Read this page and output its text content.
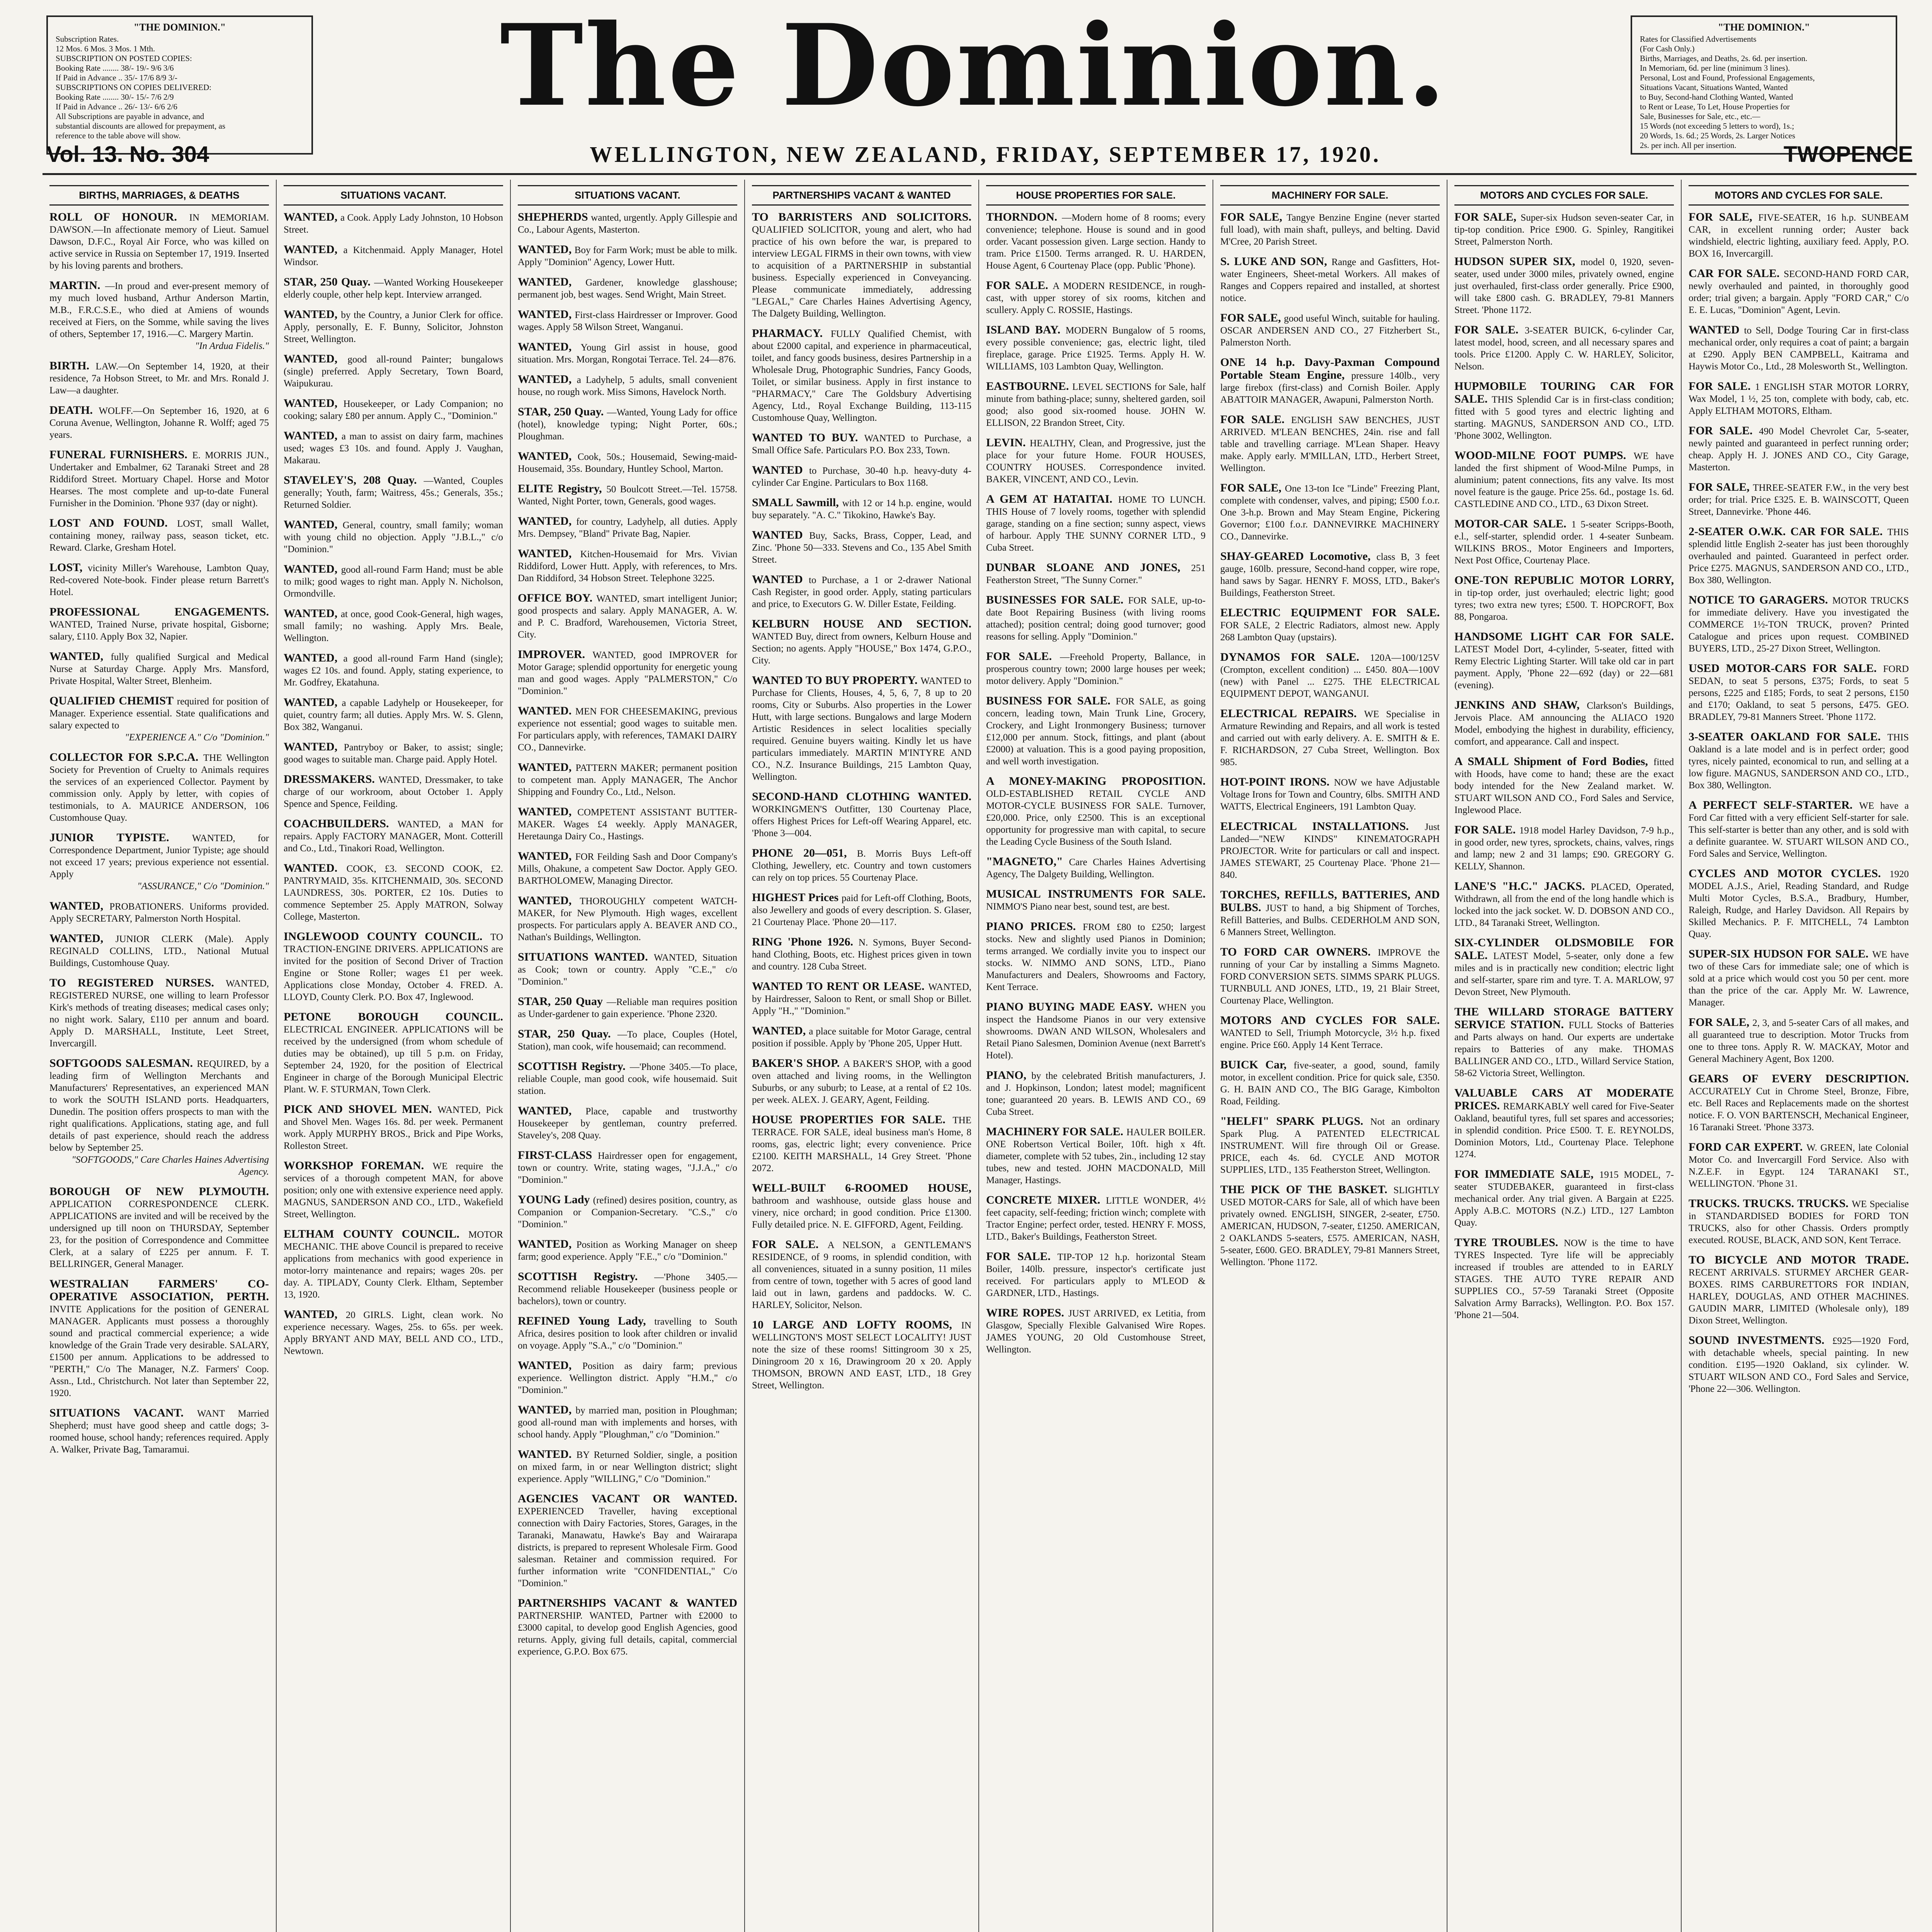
"THE DOMINION."
Subscription Rates.
12 Mos. 6 Mos. 3 Mos. 1 Mth.
SUBSCRIPTION ON POSTED COPIES:
Booking Rate ........ 38/- 19/- 9/6 3/6
If Paid in Advance .. 35/- 17/6 8/9 3/-
SUBSCRIPTIONS ON COPIES DELIVERED:
Booking Rate ........ 30/- 15/- 7/6 2/9
If Paid in Advance .. 26/- 13/- 6/6 2/6
All Subscriptions are payable in advance, and
substantial discounts are allowed for prepayment, as
reference to the table above will show.
The Dominion.	"THE DOMINION."
Rates for Classified Advertisements
(For Cash Only.)
Births, Marriages, and Deaths, 2s. 6d. per insertion.
In Memoriam, 6d. per line (minimum 3 lines).
Personal, Lost and Found, Professional Engagements,
Situations Vacant, Situations Wanted, Wanted
to Buy, Second-hand Clothing Wanted, Wanted
to Rent or Lease, To Let, House Properties for
Sale, Businesses for Sale, etc., etc.—
15 Words (not exceeding 5 letters to word), 1s.;
20 Words, 1s. 6d.; 25 Words, 2s. Larger Notices
2s. per inch. All per insertion.
Vol. 13. No. 304	WELLINGTON, NEW ZEALAND, FRIDAY, SEPTEMBER 17, 1920.	TWOPENCE
BIRTHS, MARRIAGES, & DEATHS

ROLL OF HONOUR. IN MEMORIAM. DAWSON.—In affectionate memory of Lieut. Samuel Dawson, D.F.C., Royal Air Force, who was killed on active service in Russia on September 17, 1919. Inserted by his loving parents and brothers.

MARTIN. —In proud and ever-present memory of my much loved husband, Arthur Anderson Martin, M.B., F.R.C.S.E., who died at Amiens of wounds received at Fiers, on the Somme, while saving the lives of others, September 17, 1916.—C. Margery Martin.
"In Ardua Fidelis."

BIRTH. LAW.—On September 14, 1920, at their residence, 7a Hobson Street, to Mr. and Mrs. Ronald J. Law—a daughter.

DEATH. WOLFF.—On September 16, 1920, at 6 Coruna Avenue, Wellington, Johanne R. Wolff; aged 75 years.

FUNERAL FURNISHERS. E. MORRIS JUN., Undertaker and Embalmer, 62 Taranaki Street and 28 Riddiford Street. Mortuary Chapel. Horse and Motor Hearses. The most complete and up-to-date Funeral Furnisher in the Dominion. 'Phone 937 (day or night).

LOST AND FOUND. LOST, small Wallet, containing money, railway pass, season ticket, etc. Reward. Clarke, Gresham Hotel.

LOST, vicinity Miller's Warehouse, Lambton Quay, Red-covered Note-book. Finder please return Barrett's Hotel.

PROFESSIONAL ENGAGEMENTS. WANTED, Trained Nurse, private hospital, Gisborne; salary, £110. Apply Box 32, Napier.

WANTED, fully qualified Surgical and Medical Nurse at Saturday Charge. Apply Mrs. Mansford, Private Hospital, Walter Street, Blenheim.

QUALIFIED CHEMIST required for position of Manager. Experience essential. State qualifications and salary expected to
"EXPERIENCE A." C/o "Dominion."

COLLECTOR FOR S.P.C.A. THE Wellington Society for Prevention of Cruelty to Animals requires the services of an experienced Collector. Payment by commission only. Apply by letter, with copies of testimonials, to A. MAURICE ANDERSON, 106 Customhouse Quay.

JUNIOR TYPISTE. WANTED, for Correspondence Department, Junior Typiste; age should not exceed 17 years; previous experience not essential. Apply
"ASSURANCE," C/o "Dominion."

WANTED, PROBATIONERS. Uniforms provided. Apply SECRETARY, Palmerston North Hospital.

WANTED, JUNIOR CLERK (Male). Apply REGINALD COLLINS, LTD., National Mutual Buildings, Customhouse Quay.

TO REGISTERED NURSES. WANTED, REGISTERED NURSE, one willing to learn Professor Kirk's methods of treating diseases; medical cases only; no night work. Salary, £110 per annum and board. Apply D. MARSHALL, Institute, Leet Street, Invercargill.

SOFTGOODS SALESMAN. REQUIRED, by a leading firm of Wellington Merchants and Manufacturers' Representatives, an experienced MAN to work the SOUTH ISLAND ports. Headquarters, Dunedin. The position offers prospects to man with the right qualifications. Applications, stating age, and full details of past experience, should reach the address below by September 25.
"SOFTGOODS," Care Charles Haines Advertising Agency.

BOROUGH OF NEW PLYMOUTH. APPLICATION CORRESPONDENCE CLERK. APPLICATIONS are invited and will be received by the undersigned up till noon on THURSDAY, September 23, for the position of Correspondence and Committee Clerk, at a salary of £225 per annum. F. T. BELLRINGER, General Manager.

WESTRALIAN FARMERS' CO-OPERATIVE ASSOCIATION, PERTH. INVITE Applications for the position of GENERAL MANAGER. Applicants must possess a thoroughly sound and practical commercial experience; a wide knowledge of the Grain Trade very desirable. SALARY, £1500 per annum. Applications to be addressed to "PERTH," C/o The Manager, N.Z. Farmers' Coop. Assn., Ltd., Christchurch. Not later than September 22, 1920.

SITUATIONS VACANT. WANT Married Shepherd; must have good sheep and cattle dogs; 3-roomed house, school handy; references required. Apply A. Walker, Private Bag, Tamaramui.

SITUATIONS VACANT.

WANTED, a Cook. Apply Lady Johnston, 10 Hobson Street.

WANTED, a Kitchenmaid. Apply Manager, Hotel Windsor.

STAR, 250 Quay. —Wanted Working Housekeeper elderly couple, other help kept. Interview arranged.

WANTED, by the Country, a Junior Clerk for office. Apply, personally, E. F. Bunny, Solicitor, Johnston Street, Wellington.

WANTED, good all-round Painter; bungalows (single) preferred. Apply Secretary, Town Board, Waipukurau.

WANTED, Housekeeper, or Lady Companion; no cooking; salary £80 per annum. Apply C., "Dominion."

WANTED, a man to assist on dairy farm, machines used; wages £3 10s. and found. Apply J. Vaughan, Makarau.

STAVELEY'S, 208 Quay. —Wanted, Couples generally; Youth, farm; Waitress, 45s.; Generals, 35s.; Returned Soldier.

WANTED, General, country, small family; woman with young child no objection. Apply "J.B.L.," c/o "Dominion."

WANTED, good all-round Farm Hand; must be able to milk; good wages to right man. Apply N. Nicholson, Ormondville.

WANTED, at once, good Cook-General, high wages, small family; no washing. Apply Mrs. Beale, Wellington.

WANTED, a good all-round Farm Hand (single); wages £2 10s. and found. Apply, stating experience, to Mr. Godfrey, Ekatahuna.

WANTED, a capable Ladyhelp or Housekeeper, for quiet, country farm; all duties. Apply Mrs. W. S. Glenn, Box 382, Wanganui.

WANTED, Pantryboy or Baker, to assist; single; good wages to suitable man. Charge paid. Apply Hotel.

DRESSMAKERS. WANTED, Dressmaker, to take charge of our workroom, about October 1. Apply Spence and Spence, Feilding.

COACHBUILDERS. WANTED, a MAN for repairs. Apply FACTORY MANAGER, Mont. Cotterill and Co., Ltd., Tinakori Road, Wellington.

WANTED. COOK, £3. SECOND COOK, £2. PANTRYMAID, 35s. KITCHENMAID, 30s. SECOND LAUNDRESS, 30s. PORTER, £2 10s. Duties to commence September 25. Apply MATRON, Solway College, Masterton.

INGLEWOOD COUNTY COUNCIL. TO TRACTION-ENGINE DRIVERS. APPLICATIONS are invited for the position of Second Driver of Traction Engine or Stone Roller; wages £1 per week. Applications close Monday, October 4. FRED. A. LLOYD, County Clerk. P.O. Box 47, Inglewood.

PETONE BOROUGH COUNCIL. ELECTRICAL ENGINEER. APPLICATIONS will be received by the undersigned (from whom schedule of duties may be obtained), up till 5 p.m. on Friday, September 24, 1920, for the position of Electrical Engineer in charge of the Borough Municipal Electric Plant. W. F. STURMAN, Town Clerk.

PICK AND SHOVEL MEN. WANTED, Pick and Shovel Men. Wages 16s. 8d. per week. Permanent work. Apply MURPHY BROS., Brick and Pipe Works, Rolleston Street.

WORKSHOP FOREMAN. WE require the services of a thorough competent MAN, for above position; only one with extensive experience need apply. MAGNUS, SANDERSON AND CO., LTD., Wakefield Street, Wellington.

ELTHAM COUNTY COUNCIL. MOTOR MECHANIC. THE above Council is prepared to receive applications from mechanics with good experience in motor-lorry maintenance and repairs; wages 20s. per day. A. TIPLADY, County Clerk. Eltham, September 13, 1920.

WANTED, 20 GIRLS. Light, clean work. No experience necessary. Wages, 25s. to 65s. per week. Apply BRYANT AND MAY, BELL AND CO., LTD., Newtown.

SITUATIONS VACANT.

SHEPHERDS wanted, urgently. Apply Gillespie and Co., Labour Agents, Masterton.

WANTED, Boy for Farm Work; must be able to milk. Apply "Dominion" Agency, Lower Hutt.

WANTED, Gardener, knowledge glasshouse; permanent job, best wages. Send Wright, Main Street.

WANTED, First-class Hairdresser or Improver. Good wages. Apply 58 Wilson Street, Wanganui.

WANTED, Young Girl assist in house, good situation. Mrs. Morgan, Rongotai Terrace. Tel. 24—876.

WANTED, a Ladyhelp, 5 adults, small convenient house, no rough work. Miss Simons, Havelock North.

STAR, 250 Quay. —Wanted, Young Lady for office (hotel), knowledge typing; Night Porter, 60s.; Ploughman.

WANTED, Cook, 50s.; Housemaid, Sewing-maid-Housemaid, 35s. Boundary, Huntley School, Marton.

ELITE Registry, 50 Boulcott Street.—Tel. 15758. Wanted, Night Porter, town, Generals, good wages.

WANTED, for country, Ladyhelp, all duties. Apply Mrs. Dempsey, "Bland" Private Bag, Napier.

WANTED, Kitchen-Housemaid for Mrs. Vivian Riddiford, Lower Hutt. Apply, with references, to Mrs. Dan Riddiford, 34 Hobson Street. Telephone 3225.

OFFICE BOY. WANTED, smart intelligent Junior; good prospects and salary. Apply MANAGER, A. W. and P. C. Bradford, Warehousemen, Victoria Street, City.

IMPROVER. WANTED, good IMPROVER for Motor Garage; splendid opportunity for energetic young man and good wages. Apply "PALMERSTON," C/o "Dominion."

WANTED. MEN FOR CHEESEMAKING, previous experience not essential; good wages to suitable men. For particulars apply, with references, TAMAKI DAIRY CO., Dannevirke.

WANTED, PATTERN MAKER; permanent position to competent man. Apply MANAGER, The Anchor Shipping and Foundry Co., Ltd., Nelson.

WANTED, COMPETENT ASSISTANT BUTTER-MAKER. Wages £4 weekly. Apply MANAGER, Heretaunga Dairy Co., Hastings.

WANTED, FOR Feilding Sash and Door Company's Mills, Ohakune, a competent Saw Doctor. Apply GEO. BARTHOLOMEW, Managing Director.

WANTED, THOROUGHLY competent WATCH-MAKER, for New Plymouth. High wages, excellent prospects. For particulars apply A. BEAVER AND CO., Nathan's Buildings, Wellington.

SITUATIONS WANTED. WANTED, Situation as Cook; town or country. Apply "C.E.," c/o "Dominion."

STAR, 250 Quay —Reliable man requires position as Under-gardener to gain experience. 'Phone 2320.

STAR, 250 Quay. —To place, Couples (Hotel, Station), man cook, wife housemaid; can recommend.

SCOTTISH Registry. —'Phone 3405.—To place, reliable Couple, man good cook, wife housemaid. Suit station.

WANTED, Place, capable and trustworthy Housekeeper by gentleman, country preferred. Staveley's, 208 Quay.

FIRST-CLASS Hairdresser open for engagement, town or country. Write, stating wages, "J.J.A.," c/o "Dominion."

YOUNG Lady (refined) desires position, country, as Companion or Companion-Secretary. "C.S.," c/o "Dominion."

WANTED, Position as Working Manager on sheep farm; good experience. Apply "F.E.," c/o "Dominion."

SCOTTISH Registry. —'Phone 3405.—Recommend reliable Housekeeper (business people or bachelors), town or country.

REFINED Young Lady, travelling to South Africa, desires position to look after children or invalid on voyage. Apply "S.A.," c/o "Dominion."

WANTED, Position as dairy farm; previous experience. Wellington district. Apply "H.M.," c/o "Dominion."

WANTED, by married man, position in Ploughman; good all-round man with implements and horses, with school handy. Apply "Ploughman," c/o "Dominion."

WANTED. BY Returned Soldier, single, a position on mixed farm, in or near Wellington district; slight experience. Apply "WILLING," C/o "Dominion."

AGENCIES VACANT OR WANTED. EXPERIENCED Traveller, having exceptional connection with Dairy Factories, Stores, Garages, in the Taranaki, Manawatu, Hawke's Bay and Wairarapa districts, is prepared to represent Wholesale Firm. Good salesman. Retainer and commission required. For further information write "CONFIDENTIAL," C/o "Dominion."

PARTNERSHIPS VACANT & WANTED PARTNERSHIP. WANTED, Partner with £2000 to £3000 capital, to develop good English Agencies, good returns. Apply, giving full details, capital, commercial experience, G.P.O. Box 675.

PARTNERSHIPS VACANT & WANTED

TO BARRISTERS AND SOLICITORS. QUALIFIED SOLICITOR, young and alert, who had practice of his own before the war, is prepared to interview LEGAL FIRMS in their own towns, with view to acquisition of a PARTNERSHIP in substantial business. Especially experienced in Conveyancing. Please communicate immediately, addressing "LEGAL," Care Charles Haines Advertising Agency, The Dalgety Building, Wellington.

PHARMACY. FULLY Qualified Chemist, with about £2000 capital, and experience in pharmaceutical, toilet, and fancy goods business, desires Partnership in a Wholesale Drug, Photographic Sundries, Fancy Goods, Toilet, or similar business. Apply in first instance to "PHARMACY," Care The Goldsbury Advertising Agency, Ltd., Royal Exchange Building, 113-115 Customhouse Quay, Wellington.

WANTED TO BUY. WANTED to Purchase, a Small Office Safe. Particulars P.O. Box 233, Town.

WANTED to Purchase, 30-40 h.p. heavy-duty 4-cylinder Car Engine. Particulars to Box 1168.

SMALL Sawmill, with 12 or 14 h.p. engine, would buy separately. "A. C." Tikokino, Hawke's Bay.

WANTED Buy, Sacks, Brass, Copper, Lead, and Zinc. 'Phone 50—333. Stevens and Co., 135 Abel Smith Street.

WANTED to Purchase, a 1 or 2-drawer National Cash Register, in good order. Apply, stating particulars and price, to Executors G. W. Diller Estate, Feilding.

KELBURN HOUSE AND SECTION. WANTED Buy, direct from owners, Kelburn House and Section; no agents. Apply "HOUSE," Box 1474, G.P.O., City.

WANTED TO BUY PROPERTY. WANTED to Purchase for Clients, Houses, 4, 5, 6, 7, 8 up to 20 rooms, City or Suburbs. Also properties in the Lower Hutt, with large sections. Bungalows and large Modern Artistic Residences in select localities specially required. Genuine buyers waiting. Kindly let us have particulars immediately. MARTIN M'INTYRE AND CO., N.Z. Insurance Buildings, 215 Lambton Quay, Wellington.

SECOND-HAND CLOTHING WANTED. WORKINGMEN'S Outfitter, 130 Courtenay Place, offers Highest Prices for Left-off Wearing Apparel, etc. 'Phone 3—004.

PHONE 20—051, B. Morris Buys Left-off Clothing, Jewellery, etc. Country and town customers can rely on top prices. 55 Courtenay Place.

HIGHEST Prices paid for Left-off Clothing, Boots, also Jewellery and goods of every description. S. Glaser, 21 Courtenay Place. 'Phone 20—117.

RING 'Phone 1926. N. Symons, Buyer Second-hand Clothing, Boots, etc. Highest prices given in town and country. 128 Cuba Street.

WANTED TO RENT OR LEASE. WANTED, by Hairdresser, Saloon to Rent, or small Shop or Billet. Apply "H.," "Dominion."

WANTED, a place suitable for Motor Garage, central position if possible. Apply by 'Phone 205, Upper Hutt.

BAKER'S SHOP. A BAKER'S SHOP, with a good oven attached and living rooms, in the Wellington Suburbs, or any suburb; to Lease, at a rental of £2 10s. per week. ALEX. J. GEARY, Agent, Feilding.

HOUSE PROPERTIES FOR SALE. THE TERRACE. FOR SALE, ideal business man's Home, 8 rooms, gas, electric light; every convenience. Price £2100. KEITH MARSHALL, 14 Grey Street. 'Phone 2072.

WELL-BUILT 6-ROOMED HOUSE, bathroom and washhouse, outside glass house and vinery, nice orchard; in good condition. Price £1300. Fully detailed price. N. E. GIFFORD, Agent, Feilding.

FOR SALE. A NELSON, a GENTLEMAN'S RESIDENCE, of 9 rooms, in splendid condition, with all conveniences, situated in a sunny position, 11 miles from centre of town, together with 5 acres of good land laid out in lawn, gardens and paddocks. W. C. HARLEY, Solicitor, Nelson.

10 LARGE AND LOFTY ROOMS, IN WELLINGTON'S MOST SELECT LOCALITY! JUST note the size of these rooms! Sittingroom 30 x 25, Diningroom 20 x 16, Drawingroom 20 x 20. Apply THOMSON, BROWN AND EAST, LTD., 18 Grey Street, Wellington.

HOUSE PROPERTIES FOR SALE.

THORNDON. —Modern home of 8 rooms; every convenience; telephone. House is sound and in good order. Vacant possession given. Large section. Handy to tram. Price £1500. Terms arranged. R. U. HARDEN, House Agent, 6 Courtenay Place (opp. Public 'Phone).

FOR SALE. A MODERN RESIDENCE, in rough-cast, with upper storey of six rooms, kitchen and scullery. Apply C. ROSSIE, Hastings.

ISLAND BAY. MODERN Bungalow of 5 rooms, every possible convenience; gas, electric light, tiled fireplace, garage. Price £1925. Terms. Apply H. W. WILLIAMS, 103 Lambton Quay, Wellington.

EASTBOURNE. LEVEL SECTIONS for Sale, half minute from bathing-place; sunny, sheltered garden, soil good; also good six-roomed house. JOHN W. ELLISON, 22 Brandon Street, City.

LEVIN. HEALTHY, Clean, and Progressive, just the place for your future Home. FOUR HOUSES, COUNTRY HOUSES. Correspondence invited. BAKER, VINCENT, AND CO., Levin.

A GEM AT HATAITAI. HOME TO LUNCH. THIS House of 7 lovely rooms, together with splendid garage, standing on a fine section; sunny aspect, views of harbour. Apply THE SUNNY CORNER LTD., 9 Cuba Street.

DUNBAR SLOANE AND JONES, 251 Featherston Street, "The Sunny Corner."

BUSINESSES FOR SALE. FOR SALE, up-to-date Boot Repairing Business (with living rooms attached); position central; doing good turnover; good reasons for selling. Apply "Dominion."

FOR SALE. —Freehold Property, Ballance, in prosperous country town; 2000 large houses per week; motor delivery. Apply "Dominion."

BUSINESS FOR SALE. FOR SALE, as going concern, leading town, Main Trunk Line, Grocery, Crockery, and Light Ironmongery Business; turnover £12,000 per annum. Stock, fittings, and plant (about £2000) at valuation. This is a good paying proposition, and well worth investigation.

A MONEY-MAKING PROPOSITION. OLD-ESTABLISHED RETAIL CYCLE AND MOTOR-CYCLE BUSINESS FOR SALE. Turnover, £20,000. Price, only £2500. This is an exceptional opportunity for progressive man with capital, to secure the Leading Cycle Business of the South Island.

"MAGNETO," Care Charles Haines Advertising Agency, The Dalgety Building, Wellington.

MUSICAL INSTRUMENTS FOR SALE. NIMMO'S Piano near best, sound test, are best.

PIANO PRICES. FROM £80 to £250; largest stocks. New and slightly used Pianos in Dominion; terms arranged. We cordially invite you to inspect our stocks. W. NIMMO AND SONS, LTD., Piano Manufacturers and Dealers, Showrooms and Factory, Kent Terrace.

PIANO BUYING MADE EASY. WHEN you inspect the Handsome Pianos in our very extensive showrooms. DWAN AND WILSON, Wholesalers and Retail Piano Salesmen, Dominion Avenue (next Barrett's Hotel).

PIANO, by the celebrated British manufacturers, J. and J. Hopkinson, London; latest model; magnificent tone; guaranteed 20 years. B. LEWIS AND CO., 69 Cuba Street.

MACHINERY FOR SALE. HAULER BOILER. ONE Robertson Vertical Boiler, 10ft. high x 4ft. diameter, complete with 52 tubes, 2in., including 12 stay tubes, new and tested. JOHN MACDONALD, Mill Manager, Hastings.

CONCRETE MIXER. LITTLE WONDER, 4½ feet capacity, self-feeding; friction winch; complete with Tractor Engine; perfect order, tested. HENRY F. MOSS, LTD., Baker's Buildings, Featherston Street.

FOR SALE. TIP-TOP 12 h.p. horizontal Steam Boiler, 140lb. pressure, inspector's certificate just received. For particulars apply to M'LEOD & GARDNER, LTD., Hastings.

WIRE ROPES. JUST ARRIVED, ex Letitia, from Glasgow, Specially Flexible Galvanised Wire Ropes. JAMES YOUNG, 20 Old Customhouse Street, Wellington.

MACHINERY FOR SALE.

FOR SALE, Tangye Benzine Engine (never started full load), with main shaft, pulleys, and belting. David M'Cree, 20 Parish Street.

S. LUKE AND SON, Range and Gasfitters, Hot-water Engineers, Sheet-metal Workers. All makes of Ranges and Coppers repaired and installed, at shortest notice.

FOR SALE, good useful Winch, suitable for hauling. OSCAR ANDERSEN AND CO., 27 Fitzherbert St., Palmerston North.

ONE 14 h.p. Davy-Paxman Compound Portable Steam Engine, pressure 140lb., very large firebox (first-class) and Cornish Boiler. Apply ABATTOIR MANAGER, Awapuni, Palmerston North.

FOR SALE. ENGLISH SAW BENCHES, JUST ARRIVED. M'LEAN BENCHES, 24in. rise and fall table and travelling carriage. M'Lean Shaper. Heavy make. Apply early. M'MILLAN, LTD., Herbert Street, Wellington.

FOR SALE, One 13-ton Ice "Linde" Freezing Plant, complete with condenser, valves, and piping; £500 f.o.r. One 3-h.p. Brown and May Steam Engine, Pickering Governor; £100 f.o.r. DANNEVIRKE MACHINERY CO., Dannevirke.

SHAY-GEARED Locomotive, class B, 3 feet gauge, 160lb. pressure, Second-hand copper, wire rope, hand saws by Sagar. HENRY F. MOSS, LTD., Baker's Buildings, Featherston Street.

ELECTRIC EQUIPMENT FOR SALE. FOR SALE, 2 Electric Radiators, almost new. Apply 268 Lambton Quay (upstairs).

DYNAMOS FOR SALE. 120A—100/125V (Crompton, excellent condition) ... £450. 80A—100V (new) with Panel ... £275. THE ELECTRICAL EQUIPMENT DEPOT, WANGANUI.

ELECTRICAL REPAIRS. WE Specialise in Armature Rewinding and Repairs, and all work is tested and carried out with early delivery. A. E. SMITH & E. F. RICHARDSON, 27 Cuba Street, Wellington. Box 985.

HOT-POINT IRONS. NOW we have Adjustable Voltage Irons for Town and Country, 6lbs. SMITH AND WATTS, Electrical Engineers, 191 Lambton Quay.

ELECTRICAL INSTALLATIONS. Just Landed—"NEW KINDS" KINEMATOGRAPH PROJECTOR. Write for particulars or call and inspect. JAMES STEWART, 25 Courtenay Place. 'Phone 21—840.

TORCHES, REFILLS, BATTERIES, AND BULBS. JUST to hand, a big Shipment of Torches, Refill Batteries, and Bulbs. CEDERHOLM AND SON, 6 Manners Street, Wellington.

TO FORD CAR OWNERS. IMPROVE the running of your Car by installing a Simms Magneto. FORD CONVERSION SETS. SIMMS SPARK PLUGS. TURNBULL AND JONES, LTD., 19, 21 Blair Street, Courtenay Place, Wellington.

MOTORS AND CYCLES FOR SALE. WANTED to Sell, Triumph Motorcycle, 3½ h.p. fixed engine. Price £60. Apply 14 Kent Terrace.

BUICK Car, five-seater, a good, sound, family motor, in excellent condition. Price for quick sale, £350. G. H. BAIN AND CO., The BIG Garage, Kimbolton Road, Feilding.

"HELFI" SPARK PLUGS. Not an ordinary Spark Plug. A PATENTED ELECTRICAL INSTRUMENT. Will fire through Oil or Grease. PRICE, each 4s. 6d. CYCLE AND MOTOR SUPPLIES, LTD., 135 Featherston Street, Wellington.

THE PICK OF THE BASKET. SLIGHTLY USED MOTOR-CARS for Sale, all of which have been privately owned. ENGLISH, SINGER, 2-seater, £750. AMERICAN, HUDSON, 7-seater, £1250. AMERICAN, 2 OAKLANDS 5-seaters, £575. AMERICAN, NASH, 5-seater, £600. GEO. BRADLEY, 79-81 Manners Street, Wellington. 'Phone 1172.

MOTORS AND CYCLES FOR SALE.

FOR SALE, Super-six Hudson seven-seater Car, in tip-top condition. Price £900. G. Spinley, Rangitikei Street, Palmerston North.

HUDSON SUPER SIX, model 0, 1920, seven-seater, used under 3000 miles, privately owned, engine just overhauled, first-class order generally. Price £900, will take £800 cash. G. BRADLEY, 79-81 Manners Street. 'Phone 1172.

FOR SALE. 3-SEATER BUICK, 6-cylinder Car, latest model, hood, screen, and all necessary spares and tools. Price £1200. Apply C. W. HARLEY, Solicitor, Nelson.

HUPMOBILE TOURING CAR FOR SALE. THIS Splendid Car is in first-class condition; fitted with 5 good tyres and electric lighting and starting. MAGNUS, SANDERSON AND CO., LTD. 'Phone 3002, Wellington.

WOOD-MILNE FOOT PUMPS. WE have landed the first shipment of Wood-Milne Pumps, in aluminium; patent connections, fits any valve. Its most novel feature is the gauge. Price 25s. 6d., postage 1s. 6d. CASTLEDINE AND CO., LTD., 63 Dixon Street.

MOTOR-CAR SALE. 1 5-seater Scripps-Booth, e.l., self-starter, splendid order. 1 4-seater Sunbeam. WILKINS BROS., Motor Engineers and Importers, Next Post Office, Courtenay Place.

ONE-TON REPUBLIC MOTOR LORRY, in tip-top order, just overhauled; electric light; good tyres; two extra new tyres; £500. T. HOPCROFT, Box 88, Pongaroa.

HANDSOME LIGHT CAR FOR SALE. LATEST Model Dort, 4-cylinder, 5-seater, fitted with Remy Electric Lighting Starter. Will take old car in part payment. Apply, 'Phone 22—692 (day) or 22—681 (evening).

JENKINS AND SHAW, Clarkson's Buildings, Jervois Place. AM announcing the ALIACO 1920 Model, embodying the highest in durability, efficiency, comfort, and appearance. Call and inspect.

A SMALL Shipment of Ford Bodies, fitted with Hoods, have come to hand; these are the exact body intended for the New Zealand market. W. STUART WILSON AND CO., Ford Sales and Service, Inglewood Place.

FOR SALE. 1918 model Harley Davidson, 7-9 h.p., in good order, new tyres, sprockets, chains, valves, rings and lamp; new 2 and 31 lamps; £90. GREGORY G. KELLY, Shannon.

LANE'S "H.C." JACKS. PLACED, Operated, Withdrawn, all from the end of the long handle which is locked into the jack socket. W. D. DOBSON AND CO., LTD., 84 Taranaki Street, Wellington.

SIX-CYLINDER OLDSMOBILE FOR SALE. LATEST Model, 5-seater, only done a few miles and is in practically new condition; electric light and self-starter, spare rim and tyre. T. A. MARLOW, 97 Devon Street, New Plymouth.

THE WILLARD STORAGE BATTERY SERVICE STATION. FULL Stocks of Batteries and Parts always on hand. Our experts are undertake repairs to Batteries of any make. THOMAS BALLINGER AND CO., LTD., Willard Service Station, 58-62 Victoria Street, Wellington.

VALUABLE CARS AT MODERATE PRICES. REMARKABLY well cared for Five-Seater Oakland, beautiful tyres, full set spares and accessories; in splendid condition. Price £500. T. E. REYNOLDS, Dominion Motors, Ltd., Courtenay Place. Telephone 1274.

FOR IMMEDIATE SALE, 1915 MODEL, 7-seater STUDEBAKER, guaranteed in first-class mechanical order. Any trial given. A Bargain at £225. Apply A.B.C. MOTORS (N.Z.) LTD., 127 Lambton Quay.

TYRE TROUBLES. NOW is the time to have TYRES Inspected. Tyre life will be appreciably increased if troubles are attended to in EARLY STAGES. THE AUTO TYRE REPAIR AND SUPPLIES CO., 57-59 Taranaki Street (Opposite Salvation Army Barracks), Wellington. P.O. Box 157. 'Phone 21—504.

MOTORS AND CYCLES FOR SALE.

FOR SALE, FIVE-SEATER, 16 h.p. SUNBEAM CAR, in excellent running order; Auster back windshield, electric lighting, auxiliary feed. Apply, P.O. BOX 16, Invercargill.

CAR FOR SALE. SECOND-HAND FORD CAR, newly overhauled and painted, in thoroughly good order; trial given; a bargain. Apply "FORD CAR," C/o E. E. Lucas, "Dominion" Agent, Levin.

WANTED to Sell, Dodge Touring Car in first-class mechanical order, only requires a coat of paint; a bargain at £290. Apply BEN CAMPBELL, Kaitrama and Haywis Motor Co., Ltd., 28 Molesworth St., Wellington.

FOR SALE. 1 ENGLISH STAR MOTOR LORRY, Wax Model, 1 ½, 25 ton, complete with body, cab, etc. Apply ELTHAM MOTORS, Eltham.

FOR SALE. 490 Model Chevrolet Car, 5-seater, newly painted and guaranteed in perfect running order; cheap. Apply H. J. JONES AND CO., City Garage, Masterton.

FOR SALE, THREE-SEATER F.W., in the very best order; for trial. Price £325. E. B. WAINSCOTT, Queen Street, Dannevirke. 'Phone 446.

2-SEATER O.W.K. CAR FOR SALE. THIS splendid little English 2-seater has just been thoroughly overhauled and painted. Guaranteed in perfect order. Price £275. MAGNUS, SANDERSON AND CO., LTD., Box 380, Wellington.

NOTICE TO GARAGERS. MOTOR TRUCKS for immediate delivery. Have you investigated the COMMERCE 1½-TON TRUCK, proven? Printed Catalogue and prices upon request. COMBINED BUYERS, LTD., 25-27 Dixon Street, Wellington.

USED MOTOR-CARS FOR SALE. FORD SEDAN, to seat 5 persons, £375; Fords, to seat 5 persons, £225 and £185; Fords, to seat 2 persons, £150 and £170; Oakland, to seat 5 persons, £475. GEO. BRADLEY, 79-81 Manners Street. 'Phone 1172.

3-SEATER OAKLAND FOR SALE. THIS Oakland is a late model and is in perfect order; good tyres, nicely painted, economical to run, and selling at a low figure. MAGNUS, SANDERSON AND CO., LTD., Box 380, Wellington.

A PERFECT SELF-STARTER. WE have a Ford Car fitted with a very efficient Self-starter for sale. This self-starter is better than any other, and is sold with a definite guarantee. W. STUART WILSON AND CO., Ford Sales and Service, Wellington.

CYCLES AND MOTOR CYCLES. 1920 MODEL A.J.S., Ariel, Reading Standard, and Rudge Multi Motor Cycles, B.S.A., Bradbury, Humber, Raleigh, Rudge, and Harley Davidson. All Repairs by Skilled Mechanics. P. F. MITCHELL, 74 Lambton Quay.

SUPER-SIX HUDSON FOR SALE. WE have two of these Cars for immediate sale; one of which is sold at a price which would cost you 50 per cent. more than the price of the car. Apply Mr. W. Lawrence, Manager.

FOR SALE, 2, 3, and 5-seater Cars of all makes, and all guaranteed true to description. Motor Trucks from one to three tons. Apply R. W. MACKAY, Motor and General Machinery Agent, Box 1200.

GEARS OF EVERY DESCRIPTION. ACCURATELY Cut in Chrome Steel, Bronze, Fibre, etc. Bell Races and Replacements made on the shortest notice. F. O. VON BARTENSCH, Mechanical Engineer, 16 Taranaki Street. 'Phone 3373.

FORD CAR EXPERT. W. GREEN, late Colonial Motor Co. and Invercargill Ford Service. Also with N.Z.E.F. in Egypt. 124 TARANAKI ST., WELLINGTON. 'Phone 31.

TRUCKS. TRUCKS. TRUCKS. WE Specialise in STANDARDISED BODIES for FORD TON TRUCKS, also for other Chassis. Orders promptly executed. ROUSE, BLACK, AND SON, Kent Terrace.

TO BICYCLE AND MOTOR TRADE. RECENT ARRIVALS. STURMEY ARCHER GEAR-BOXES. RIMS CARBURETTORS FOR INDIAN, HARLEY, DOUGLAS, AND OTHER MACHINES. GAUDIN MARR, LIMITED (Wholesale only), 189 Dixon Street, Wellington.

SOUND INVESTMENTS. £925—1920 Ford, with detachable wheels, special painting. In new condition. £195—1920 Oakland, six cylinder. W. STUART WILSON AND CO., Ford Sales and Service, 'Phone 22—306. Wellington.
